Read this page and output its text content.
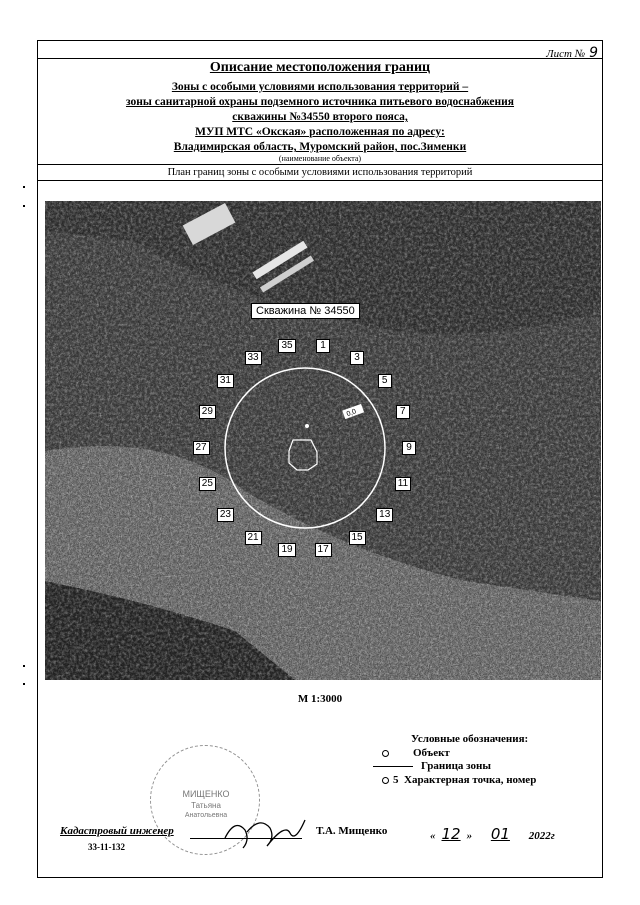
Лист № 9
Описание местоположения границ
Зоны с особыми условиями использования территорий –
зоны санитарной охраны подземного источника питьевого водоснабжения
скважины №34550 второго пояса,
МУП МТС «Окская» расположенная по адресу:
Владимирская область, Муромский район, пос.Зименки
(наименование объекта)
План границ зоны с особыми условиями использования территорий
0,0
Скважина № 34550
1
3
5
7
9
11
13
15
17
19
21
23
25
27
29
31
33
35
М 1:3000
Условные обозначения:
Объект
Граница зоны
5 Характерная точка, номер
МИЩЕНКО
Татьяна
Анатольевна
Кадастровый инженер	Т.А. Мищенко	« 12 » 01 2022г
33-11-132
